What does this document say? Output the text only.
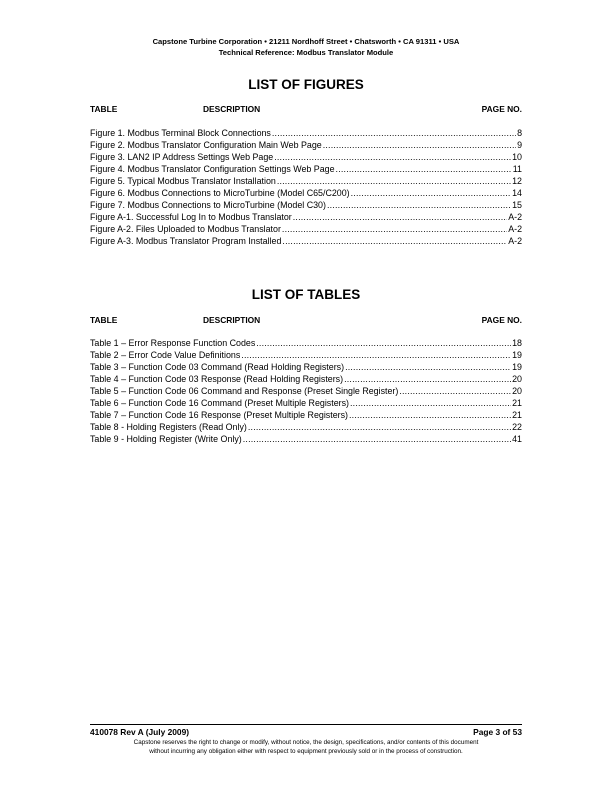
Capstone Turbine Corporation • 21211 Nordhoff Street • Chatsworth • CA 91311 • USA
Technical Reference: Modbus Translator Module
LIST OF FIGURES
TABLE	DESCRIPTION	PAGE NO.
Figure 1. Modbus Terminal Block Connections .....	8
Figure 2. Modbus Translator Configuration Main Web Page .....	9
Figure 3. LAN2 IP Address Settings Web Page .....	10
Figure 4. Modbus Translator Configuration Settings Web Page .....	11
Figure 5. Typical Modbus Translator Installation .....	12
Figure 6. Modbus Connections to MicroTurbine (Model C65/C200) .....	14
Figure 7. Modbus Connections to MicroTurbine (Model C30) .....	15
Figure A-1. Successful Log In to Modbus Translator .....	A-2
Figure A-2. Files Uploaded to Modbus Translator .....	A-2
Figure A-3. Modbus Translator Program Installed .....	A-2
LIST OF TABLES
TABLE	DESCRIPTION	PAGE NO.
Table 1 – Error Response Function Codes .....	18
Table 2 – Error Code Value Definitions .....	19
Table 3 – Function Code 03 Command (Read Holding Registers) .....	19
Table 4 – Function Code 03 Response (Read Holding Registers) .....	20
Table 5 – Function Code 06 Command and Response (Preset Single Register) .....	20
Table 6 – Function Code 16 Command (Preset Multiple Registers) .....	21
Table 7 – Function Code 16 Response (Preset Multiple Registers) .....	21
Table 8 - Holding Registers (Read Only) .....	22
Table 9 - Holding Register (Write Only) .....	41
410078 Rev A (July 2009)	Page 3 of 53
Capstone reserves the right to change or modify, without notice, the design, specifications, and/or contents of this document
without incurring any obligation either with respect to equipment previously sold or in the process of construction.
